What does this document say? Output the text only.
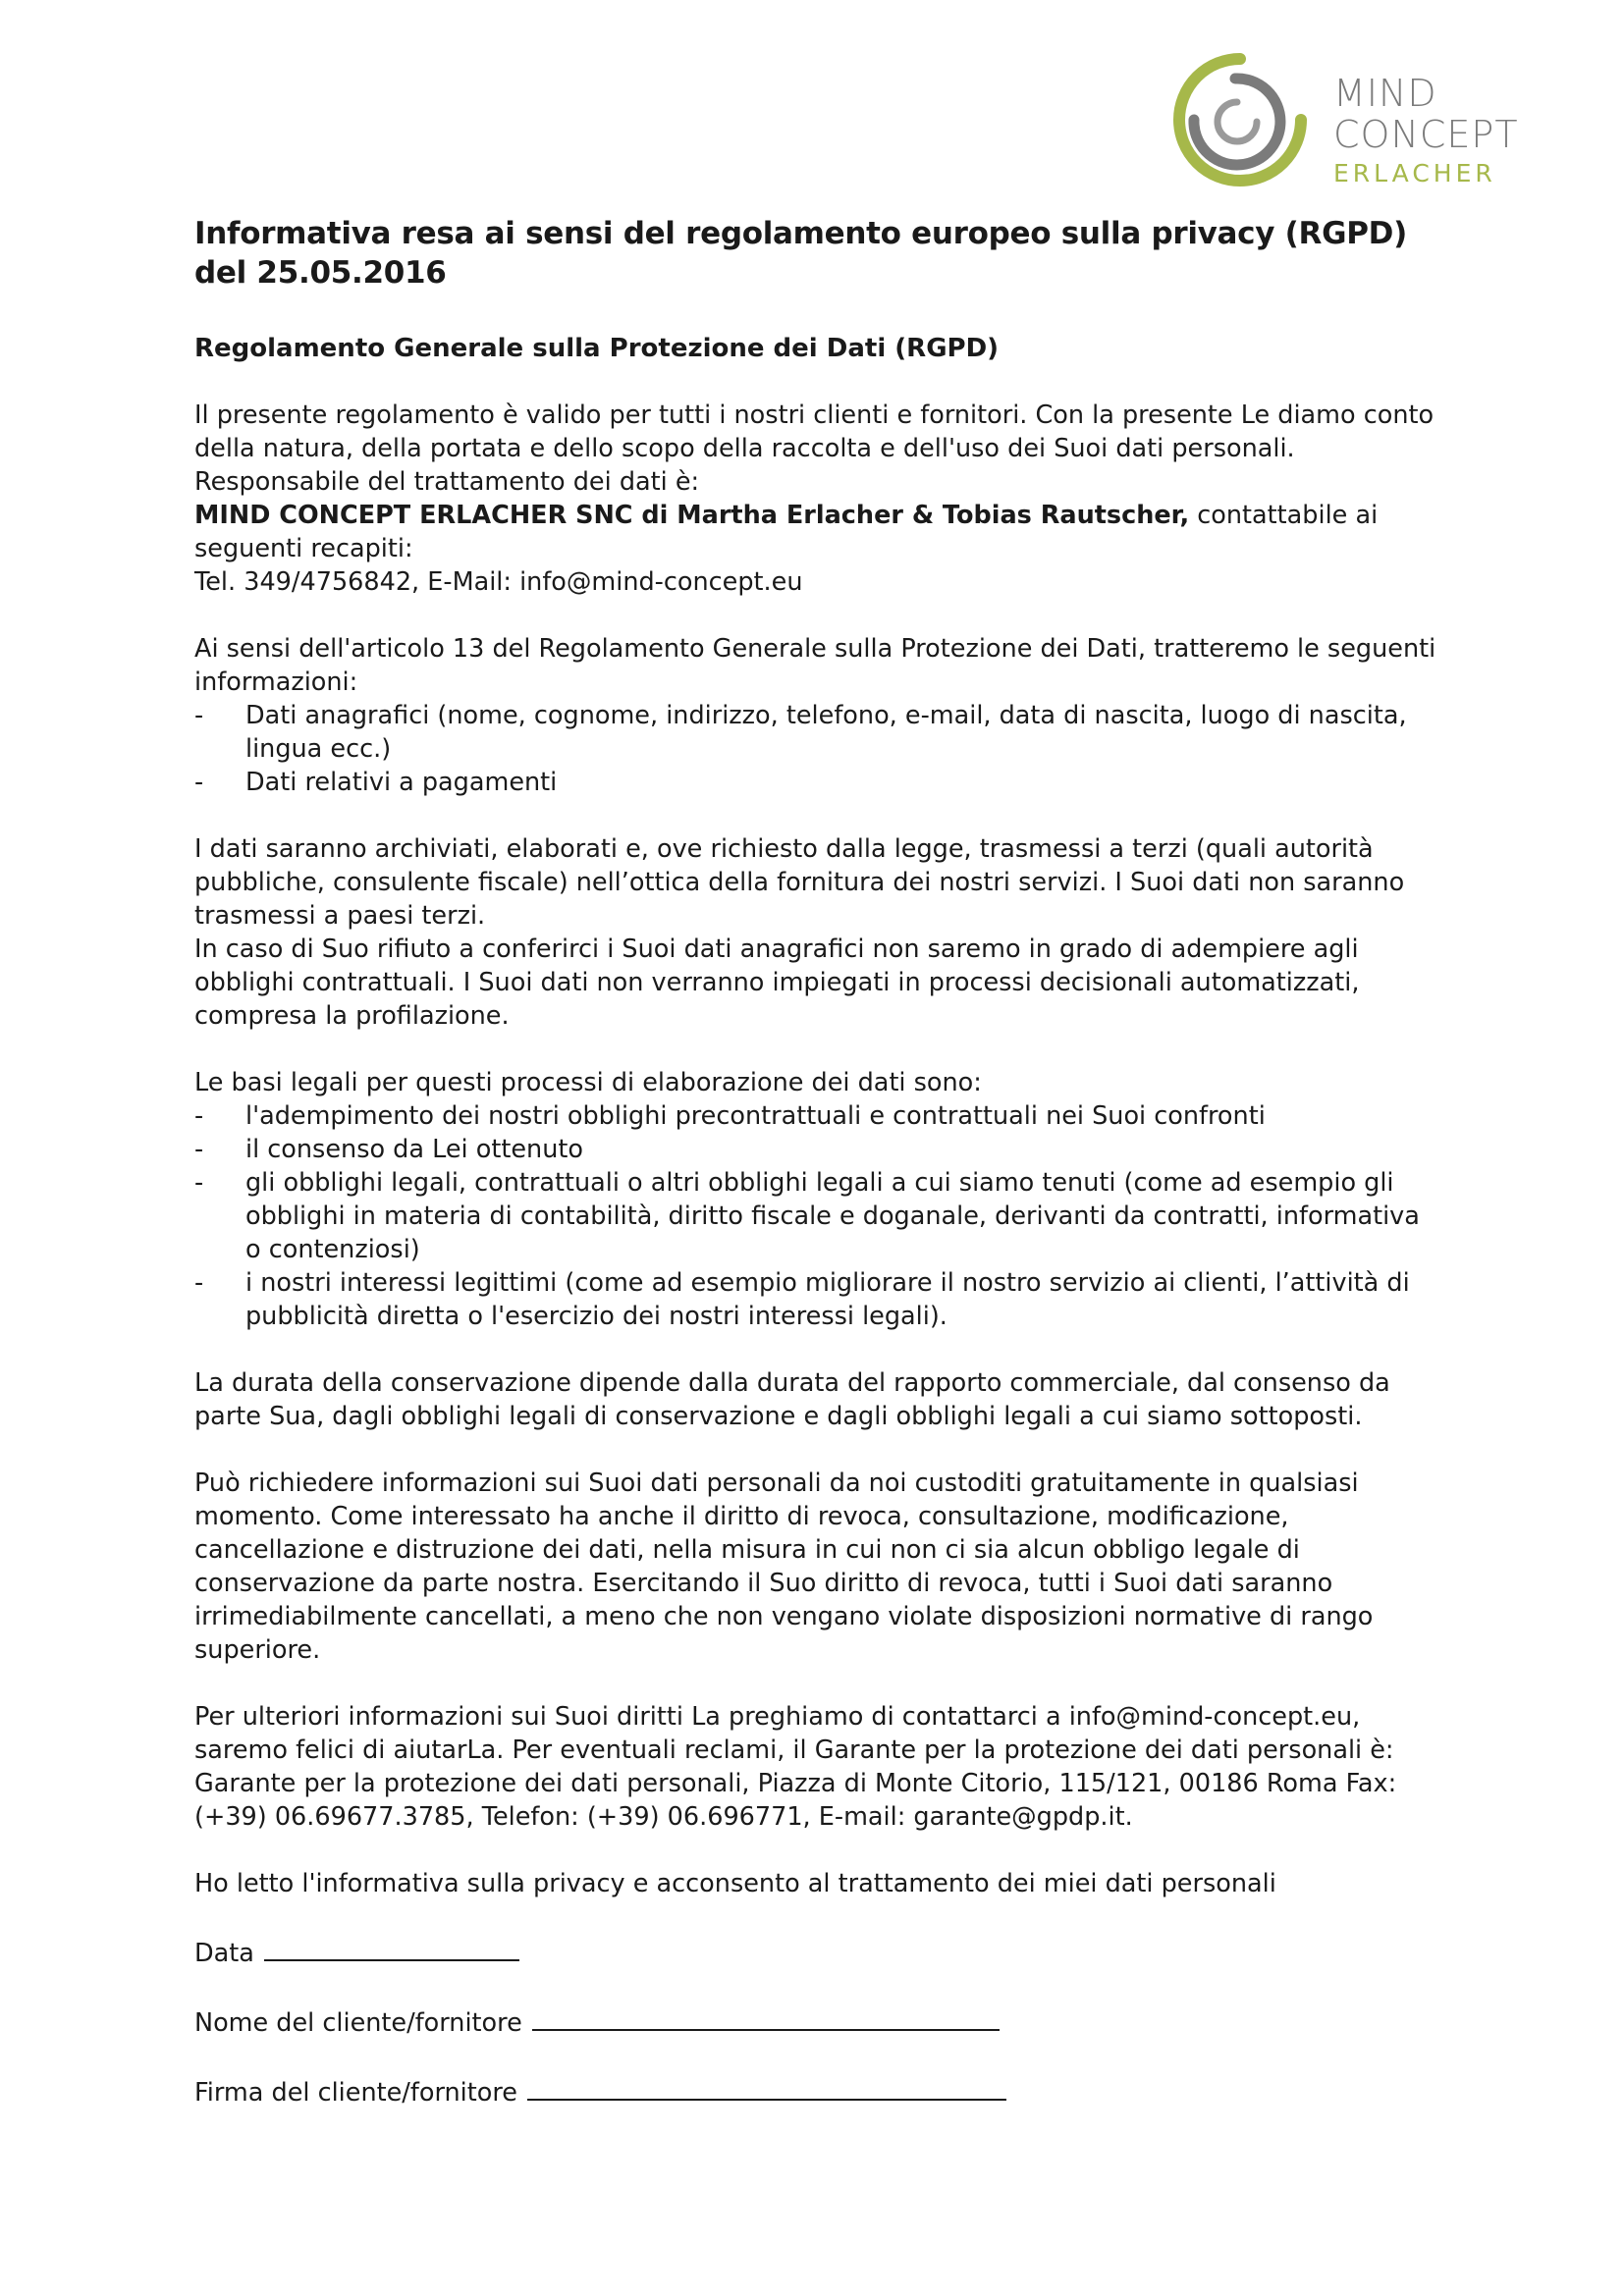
MIND
CONCEPT
ERLACHER
Informativa resa ai sensi del regolamento europeo sulla privacy (RGPD) del 25.05.2016
Regolamento Generale sulla Protezione dei Dati (RGPD)

Il presente regolamento è valido per tutti i nostri clienti e fornitori. Con la presente Le diamo conto della natura, della portata e dello scopo della raccolta e dell'uso dei Suoi dati personali. Responsabile del trattamento dei dati è:
MIND CONCEPT ERLACHER SNC di Martha Erlacher & Tobias Rautscher, contattabile ai seguenti recapiti:
Tel. 349/4756842, E-Mail: info@mind-concept.eu

Ai sensi dell'articolo 13 del Regolamento Generale sulla Protezione dei Dati, tratteremo le seguenti informazioni:

- Dati anagrafici (nome, cognome, indirizzo, telefono, e-mail, data di nascita, luogo di nascita, lingua ecc.)
- Dati relativi a pagamenti

I dati saranno archiviati, elaborati e, ove richiesto dalla legge, trasmessi a terzi (quali autorità pubbliche, consulente fiscale) nell’ottica della fornitura dei nostri servizi. I Suoi dati non saranno trasmessi a paesi terzi.

In caso di Suo rifiuto a conferirci i Suoi dati anagrafici non saremo in grado di adempiere agli obblighi contrattuali. I Suoi dati non verranno impiegati in processi decisionali automatizzati, compresa la profilazione.

Le basi legali per questi processi di elaborazione dei dati sono:

- l'adempimento dei nostri obblighi precontrattuali e contrattuali nei Suoi confronti
- il consenso da Lei ottenuto
- gli obblighi legali, contrattuali o altri obblighi legali a cui siamo tenuti (come ad esempio gli obblighi in materia di contabilità, diritto fiscale e doganale, derivanti da contratti, informativa o contenziosi)
- i nostri interessi legittimi (come ad esempio migliorare il nostro servizio ai clienti, l’attività di pubblicità diretta o l'esercizio dei nostri interessi legali).

La durata della conservazione dipende dalla durata del rapporto commerciale, dal consenso da parte Sua, dagli obblighi legali di conservazione e dagli obblighi legali a cui siamo sottoposti.

Può richiedere informazioni sui Suoi dati personali da noi custoditi gratuitamente in qualsiasi momento. Come interessato ha anche il diritto di revoca, consultazione, modificazione, cancellazione e distruzione dei dati, nella misura in cui non ci sia alcun obbligo legale di conservazione da parte nostra. Esercitando il Suo diritto di revoca, tutti i Suoi dati saranno irrimediabilmente cancellati, a meno che non vengano violate disposizioni normative di rango superiore.

Per ulteriori informazioni sui Suoi diritti La preghiamo di contattarci a info@mind-concept.eu, saremo felici di aiutarLa. Per eventuali reclami, il Garante per la protezione dei dati personali è: Garante per la protezione dei dati personali, Piazza di Monte Citorio, 115/121, 00186 Roma Fax: (+39) 06.69677.3785, Telefon: (+39) 06.696771, E-mail: garante@gpdp.it.

Ho letto l'informativa sulla privacy e acconsento al trattamento dei miei dati personali

Data
Nome del cliente/fornitore
Firma del cliente/fornitore
